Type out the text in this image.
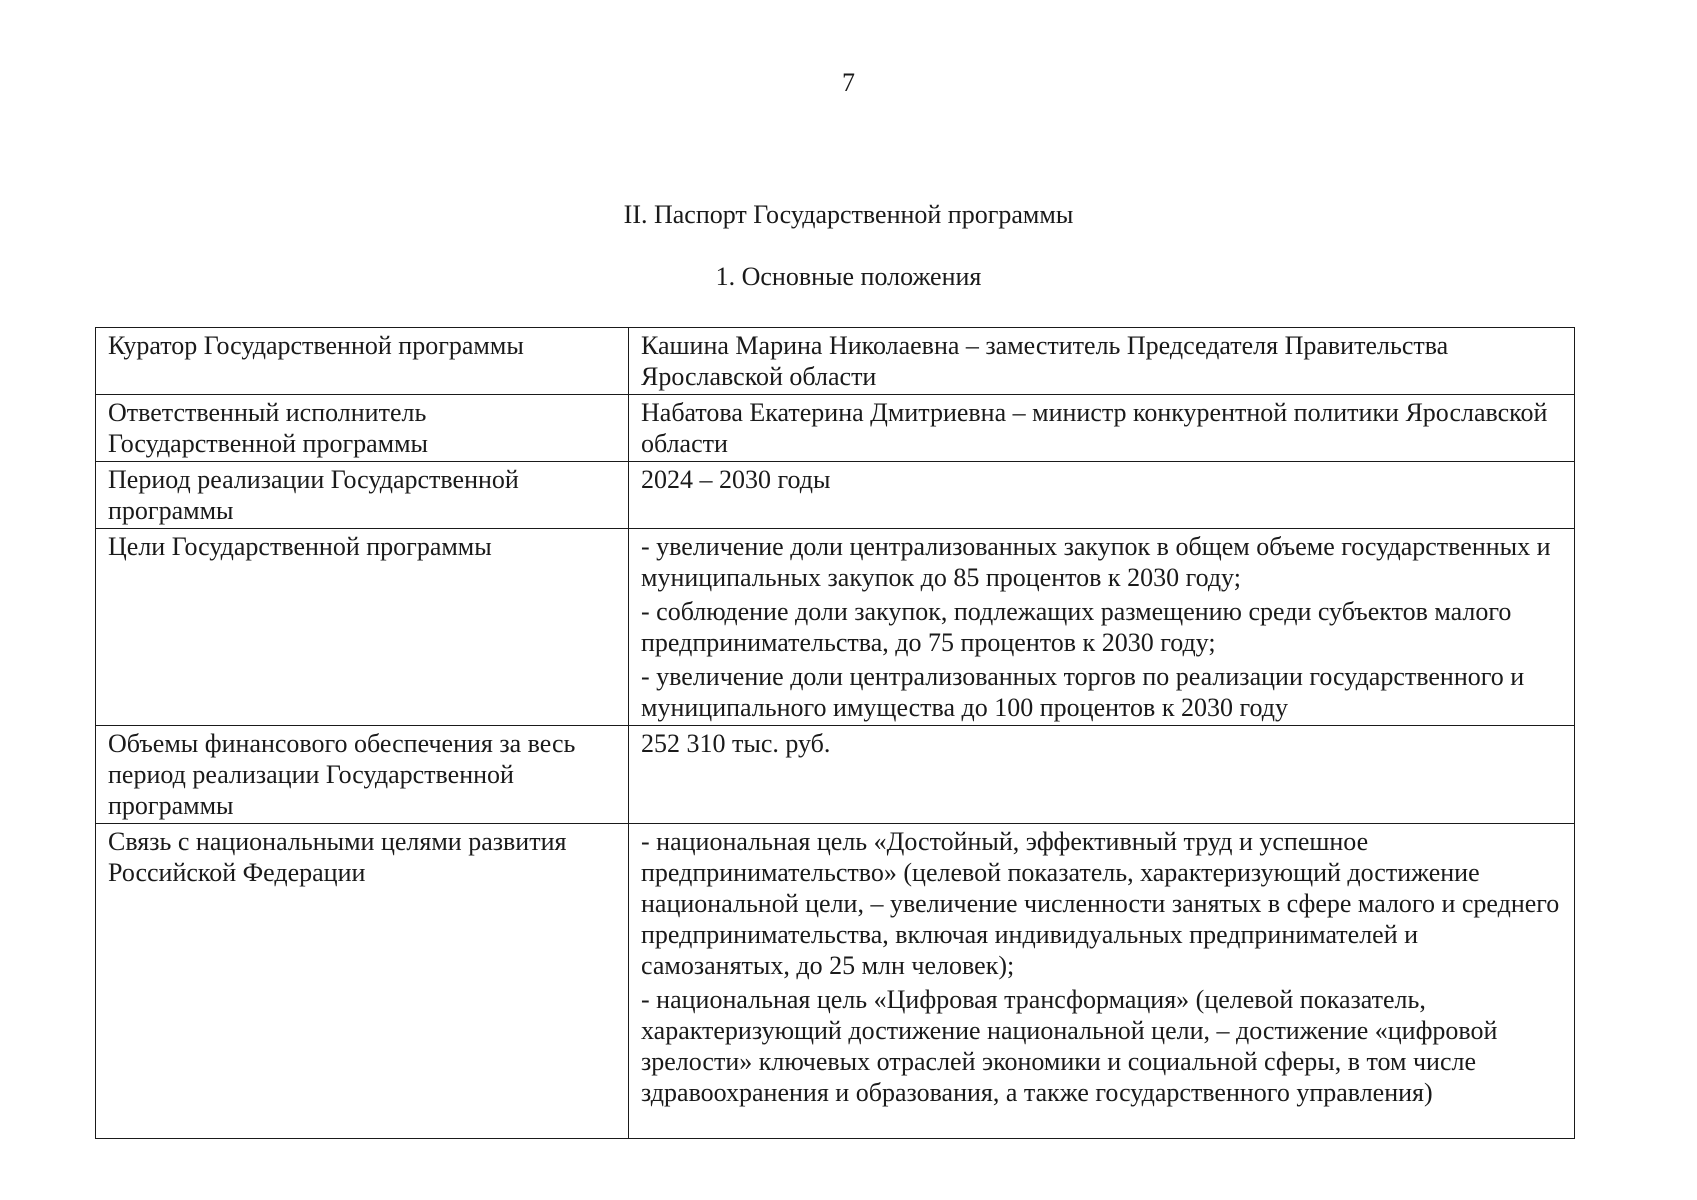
7
II. Паспорт Государственной программы
1. Основные положения
Куратор Государственной программы	Кашина Марина Николаевна – заместитель Председателя Правительства Ярославской области

Ответственный исполнитель Государственной программы	Набатова Екатерина Дмитриевна – министр конкурентной политики Ярославской области

Период реализации Государственной программы	2024 – 2030 годы

Цели Государственной программы	- увеличение доли централизованных закупок в общем объеме государственных и муниципальных закупок до 85 процентов к 2030 году;
- соблюдение доли закупок, подлежащих размещению среди субъектов малого предпринимательства, до 75 процентов к 2030 году;
- увеличение доли централизованных торгов по реализации государственного и муниципального имущества до 100 процентов к 2030 году

Объемы финансового обеспечения за весь период реализации Государственной программы	252 310 тыс. руб.

Связь с национальными целями развития Российской Федерации	- национальная цель «Достойный, эффективный труд и успешное предпринимательство» (целевой показатель, характеризующий достижение национальной цели, – увеличение численности занятых в сфере малого и среднего предпринимательства, включая индивидуальных предпринимателей и самозанятых, до 25 млн человек);
- национальная цель «Цифровая трансформация» (целевой показатель, характеризующий достижение национальной цели, – достижение «цифровой зрелости» ключевых отраслей экономики и социальной сферы, в том числе здравоохранения и образования, а также государственного управления)
